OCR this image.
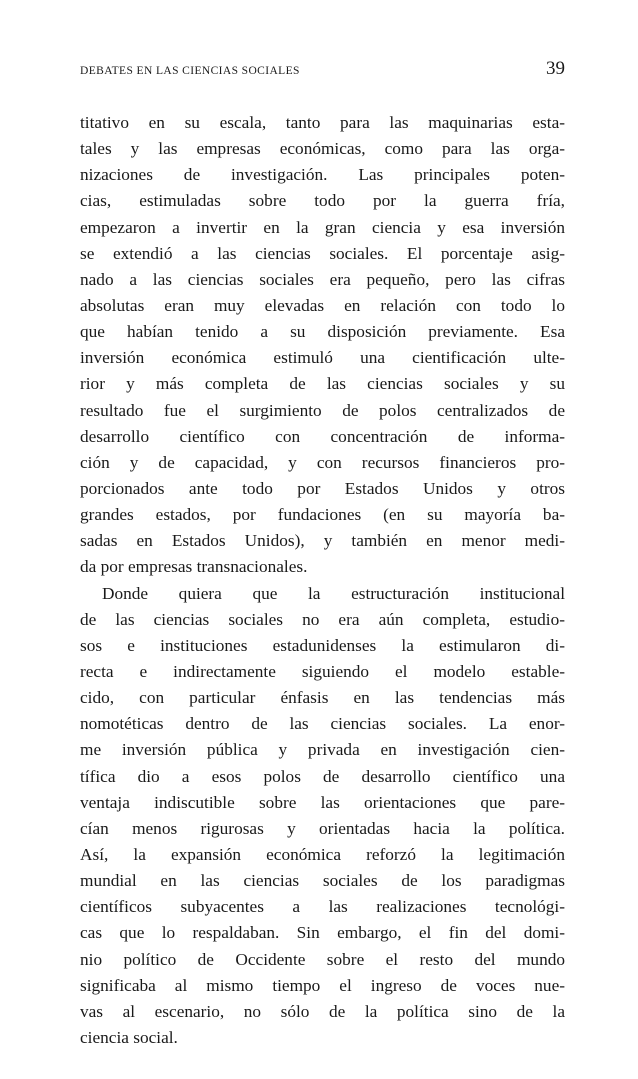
DEBATES EN LAS CIENCIAS SOCIALES	39
titativo en su escala, tanto para las maquinarias esta-
tales y las empresas económicas, como para las orga-
nizaciones de investigación. Las principales poten-
cias, estimuladas sobre todo por la guerra fría,
empezaron a invertir en la gran ciencia y esa inversión
se extendió a las ciencias sociales. El porcentaje asig-
nado a las ciencias sociales era pequeño, pero las cifras
absolutas eran muy elevadas en relación con todo lo
que habían tenido a su disposición previamente. Esa
inversión económica estimuló una cientificación ulte-
rior y más completa de las ciencias sociales y su
resultado fue el surgimiento de polos centralizados de
desarrollo científico con concentración de informa-
ción y de capacidad, y con recursos financieros pro-
porcionados ante todo por Estados Unidos y otros
grandes estados, por fundaciones (en su mayoría ba-
sadas en Estados Unidos), y también en menor medi-
da por empresas transnacionales.
Donde quiera que la estructuración institucional
de las ciencias sociales no era aún completa, estudio-
sos e instituciones estadunidenses la estimularon di-
recta e indirectamente siguiendo el modelo estable-
cido, con particular énfasis en las tendencias más
nomotéticas dentro de las ciencias sociales. La enor-
me inversión pública y privada en investigación cien-
tífica dio a esos polos de desarrollo científico una
ventaja indiscutible sobre las orientaciones que pare-
cían menos rigurosas y orientadas hacia la política.
Así, la expansión económica reforzó la legitimación
mundial en las ciencias sociales de los paradigmas
científicos subyacentes a las realizaciones tecnológi-
cas que lo respaldaban. Sin embargo, el fin del domi-
nio político de Occidente sobre el resto del mundo
significaba al mismo tiempo el ingreso de voces nue-
vas al escenario, no sólo de la política sino de la
ciencia social.
